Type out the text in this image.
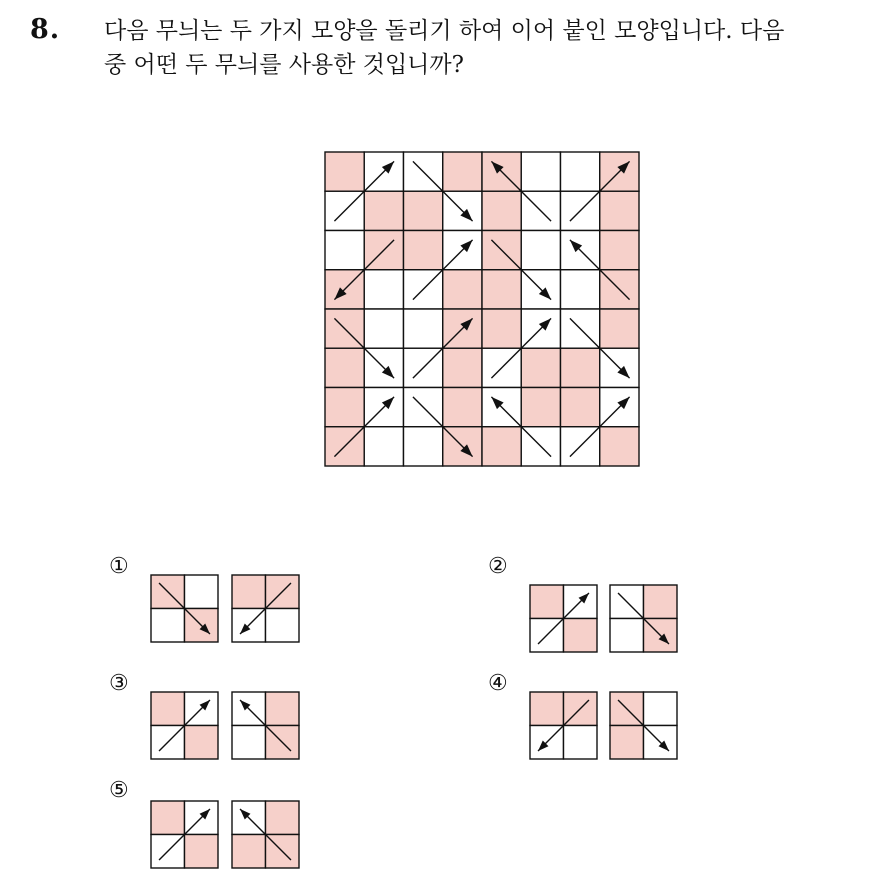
8. 다음 무늬는 두 가지 모양을 돌리기 하여 이어 붙인 모양입니다. 다음
중 어떤 두 무늬를 사용한 것입니까?
①	②
③	④
⑤
